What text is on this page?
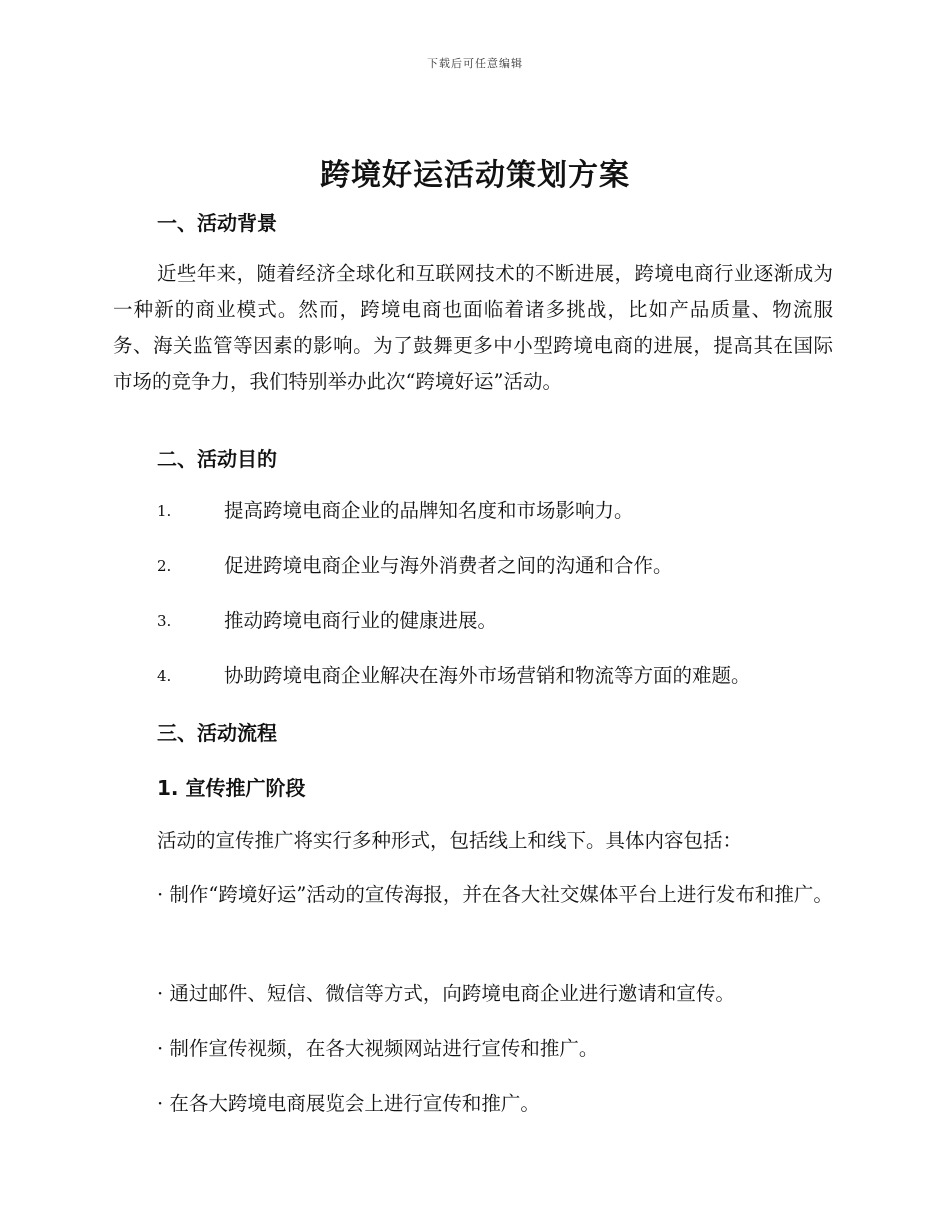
下载后可任意编辑
跨境好运活动策划方案
一、活动背景

近些年来，随着经济全球化和互联网技术的不断进展，跨境电商行业逐渐成为一种新的商业模式。然而，跨境电商也面临着诸多挑战，比如产品质量、物流服务、海关监管等因素的影响。为了鼓舞更多中小型跨境电商的进展，提高其在国际市场的竞争力，我们特别举办此次“跨境好运”活动。

二、活动目的
1.	提高跨境电商企业的品牌知名度和市场影响力。
2.	促进跨境电商企业与海外消费者之间的沟通和合作。
3.	推动跨境电商行业的健康进展。
4.	协助跨境电商企业解决在海外市场营销和物流等方面的难题。
三、活动流程
1. 宣传推广阶段

活动的宣传推广将实行多种形式，包括线上和线下。具体内容包括：

· 制作“跨境好运”活动的宣传海报，并在各大社交媒体平台上进行发布和推广。

· 通过邮件、短信、微信等方式，向跨境电商企业进行邀请和宣传。

· 制作宣传视频，在各大视频网站进行宣传和推广。

· 在各大跨境电商展览会上进行宣传和推广。
